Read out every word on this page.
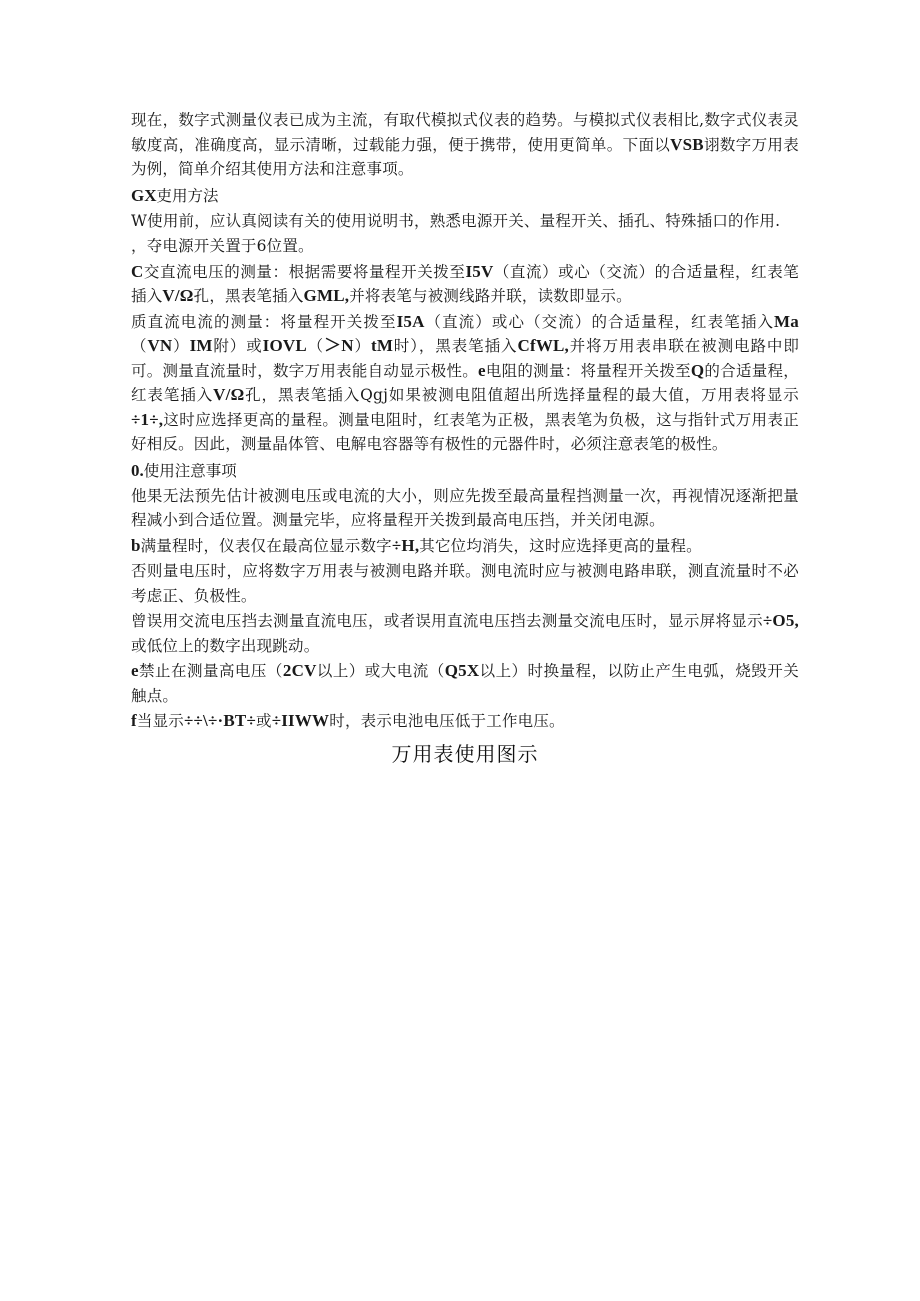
现在，数字式测量仪表已成为主流，有取代模拟式仪表的趋势。与模拟式仪表相比,数字式仪表灵敏度高，准确度高，显示清晰，过载能力强，便于携带，使用更简单。下面以VSB诩数字万用表为例，简单介绍其使用方法和注意事项。

GX吏用方法

W使用前，应认真阅读有关的使用说明书，熟悉电源开关、量程开关、插孔、特殊插口的作用.

，夺电源开关置于6位置。

C交直流电压的测量：根据需要将量程开关拨至I5V（直流）或心（交流）的合适量程，红表笔插入V/Ω孔，黑表笔插入GML,并将表笔与被测线路并联，读数即显示。

质直流电流的测量：将量程开关拨至I5A（直流）或心（交流）的合适量程，红表笔插入Ma（VN）IM附）或IOVL（＞N）tM时），黑表笔插入CfWL,并将万用表串联在被测电路中即可。测量直流量时，数字万用表能自动显示极性。e电阻的测量：将量程开关拨至Q的合适量程，红表笔插入V/Ω孔，黑表笔插入Qgj如果被测电阻值超出所选择量程的最大值，万用表将显示÷1÷,这时应选择更高的量程。测量电阻时，红表笔为正极，黑表笔为负极，这与指针式万用表正好相反。因此，测量晶体管、电解电容器等有极性的元器件时，必须注意表笔的极性。

0.使用注意事项

他果无法预先估计被测电压或电流的大小，则应先拨至最高量程挡测量一次，再视情况逐渐把量程减小到合适位置。测量完毕，应将量程开关拨到最高电压挡，并关闭电源。

b满量程时，仪表仅在最高位显示数字÷H,其它位均消失，这时应选择更高的量程。

否则量电压时，应将数字万用表与被测电路并联。测电流时应与被测电路串联，测直流量时不必考虑正、负极性。

曾误用交流电压挡去测量直流电压，或者误用直流电压挡去测量交流电压时，显示屏将显示÷O5,或低位上的数字出现跳动。

e禁止在测量高电压（2CV以上）或大电流（Q5X以上）时换量程，以防止产生电弧，烧毁开关触点。

f当显示÷÷\÷·BT÷或÷IIWW时，表示电池电压低于工作电压。

万用表使用图示
